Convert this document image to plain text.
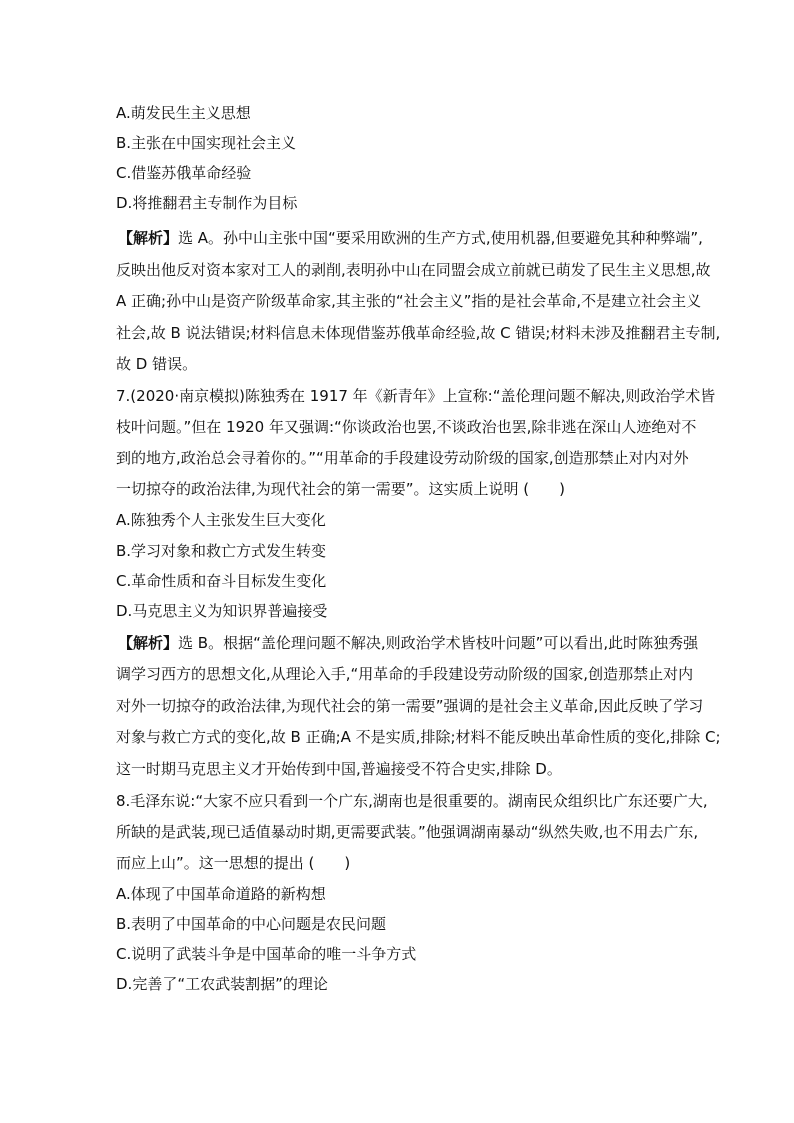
A.萌发民生主义思想
B.主张在中国实现社会主义
C.借鉴苏俄革命经验
D.将推翻君主专制作为目标
【解析】选 A。孙中山主张中国“要采用欧洲的生产方式,使用机器,但要避免其种种弊端”,
反映出他反对资本家对工人的剥削,表明孙中山在同盟会成立前就已萌发了民生主义思想,故
A 正确;孙中山是资产阶级革命家,其主张的“社会主义”指的是社会革命,不是建立社会主义
社会,故 B 说法错误;材料信息未体现借鉴苏俄革命经验,故 C 错误;材料未涉及推翻君主专制,
故 D 错误。
7.(2020·南京模拟)陈独秀在 1917 年《新青年》上宣称:“盖伦理问题不解决,则政治学术皆
枝叶问题。”但在 1920 年又强调:“你谈政治也罢,不谈政治也罢,除非逃在深山人迹绝对不
到的地方,政治总会寻着你的。”“用革命的手段建设劳动阶级的国家,创造那禁止对内对外
一切掠夺的政治法律,为现代社会的第一需要”。这实质上说明 (　　)
A.陈独秀个人主张发生巨大变化
B.学习对象和救亡方式发生转变
C.革命性质和奋斗目标发生变化
D.马克思主义为知识界普遍接受
【解析】选 B。根据“盖伦理问题不解决,则政治学术皆枝叶问题”可以看出,此时陈独秀强
调学习西方的思想文化,从理论入手,“用革命的手段建设劳动阶级的国家,创造那禁止对内
对外一切掠夺的政治法律,为现代社会的第一需要”强调的是社会主义革命,因此反映了学习
对象与救亡方式的变化,故 B 正确;A 不是实质,排除;材料不能反映出革命性质的变化,排除 C;
这一时期马克思主义才开始传到中国,普遍接受不符合史实,排除 D。
8.毛泽东说:“大家不应只看到一个广东,湖南也是很重要的。湖南民众组织比广东还要广大,
所缺的是武装,现已适值暴动时期,更需要武装。”他强调湖南暴动“纵然失败,也不用去广东,
而应上山”。这一思想的提出 (　　)
A.体现了中国革命道路的新构想
B.表明了中国革命的中心问题是农民问题
C.说明了武装斗争是中国革命的唯一斗争方式
D.完善了“工农武装割据”的理论
